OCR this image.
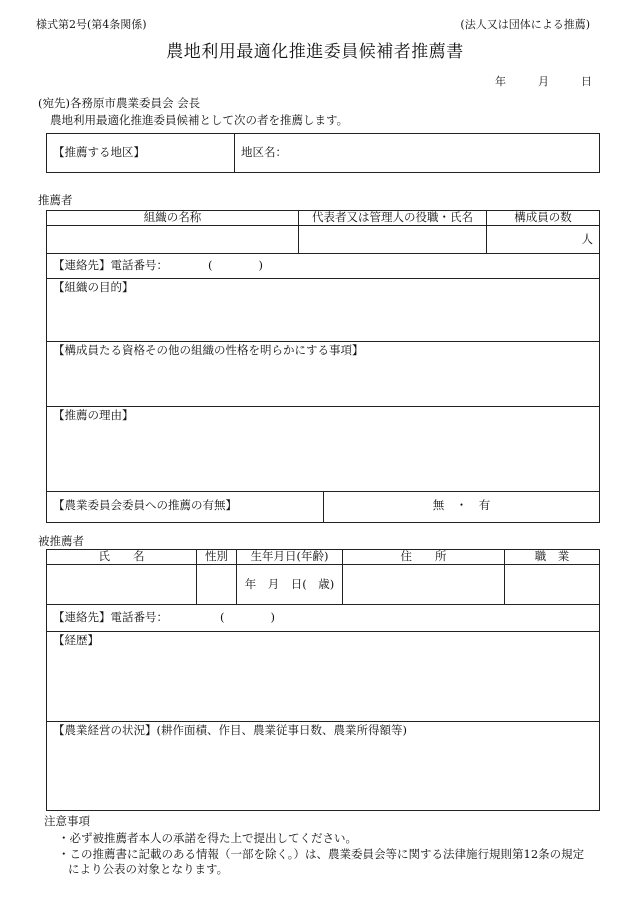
様式第2号(第4条関係)	(法人又は団体による推薦)
農地利用最適化推進委員候補者推薦書
年	月	日
(宛先)各務原市農業委員会 会長
農地利用最適化推進委員候補として次の者を推薦します。
【推薦する地区】	地区名：
推薦者
組織の名称	代表者又は管理人の役職・氏名	構成員の数
		人
【連絡先】電話番号： (　　　　)		
【組織の目的】		
【構成員たる資格その他の組織の性格を明らかにする事項】		
【推薦の理由】		
【農業委員会委員への推薦の有無】	無　・　有
被推薦者
氏　　名	性別	生年月日(年齢)	住　　所	職　業
		年　月　日(　歳)		
【連絡先】電話番号： (　　　　)				
【経歴】				
【農業経営の状況】(耕作面積、作目、農業従事日数、農業所得額等)				
注意事項
・必ず被推薦者本人の承諾を得た上で提出してください。
・この推薦書に記載のある情報（一部を除く。）は、農業委員会等に関する法律施行規則第12条の規定
により公表の対象となります。
